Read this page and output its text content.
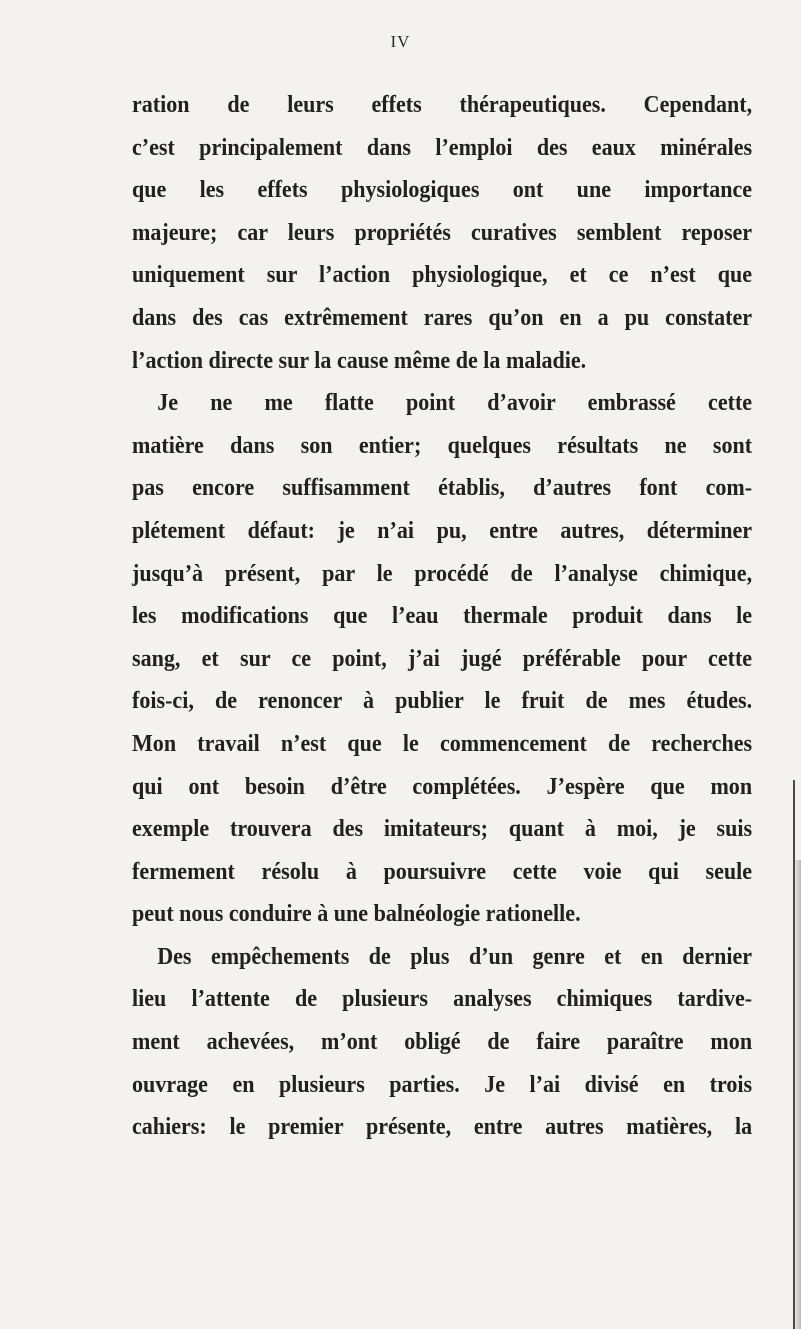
IV
ration de leurs effets thérapeutiques. Cependant,
c’est principalement dans l’emploi des eaux minérales
que les effets physiologiques ont une importance
majeure; car leurs propriétés curatives semblent reposer
uniquement sur l’action physiologique, et ce n’est que
dans des cas extrêmement rares qu’on en a pu constater
l’action directe sur la cause même de la maladie.
Je ne me flatte point d’avoir embrassé cette
matière dans son entier; quelques résultats ne sont
pas encore suffisamment établis, d’autres font com-
plétement défaut: je n’ai pu, entre autres, déterminer
jusqu’à présent, par le procédé de l’analyse chimique,
les modifications que l’eau thermale produit dans le
sang, et sur ce point, j’ai jugé préférable pour cette
fois-ci, de renoncer à publier le fruit de mes études.
Mon travail n’est que le commencement de recherches
qui ont besoin d’être complétées. J’espère que mon
exemple trouvera des imitateurs; quant à moi, je suis
fermement résolu à poursuivre cette voie qui seule
peut nous conduire à une balnéologie rationelle.
Des empêchements de plus d’un genre et en dernier
lieu l’attente de plusieurs analyses chimiques tardive-
ment achevées, m’ont obligé de faire paraître mon
ouvrage en plusieurs parties. Je l’ai divisé en trois
cahiers: le premier présente, entre autres matières, la
